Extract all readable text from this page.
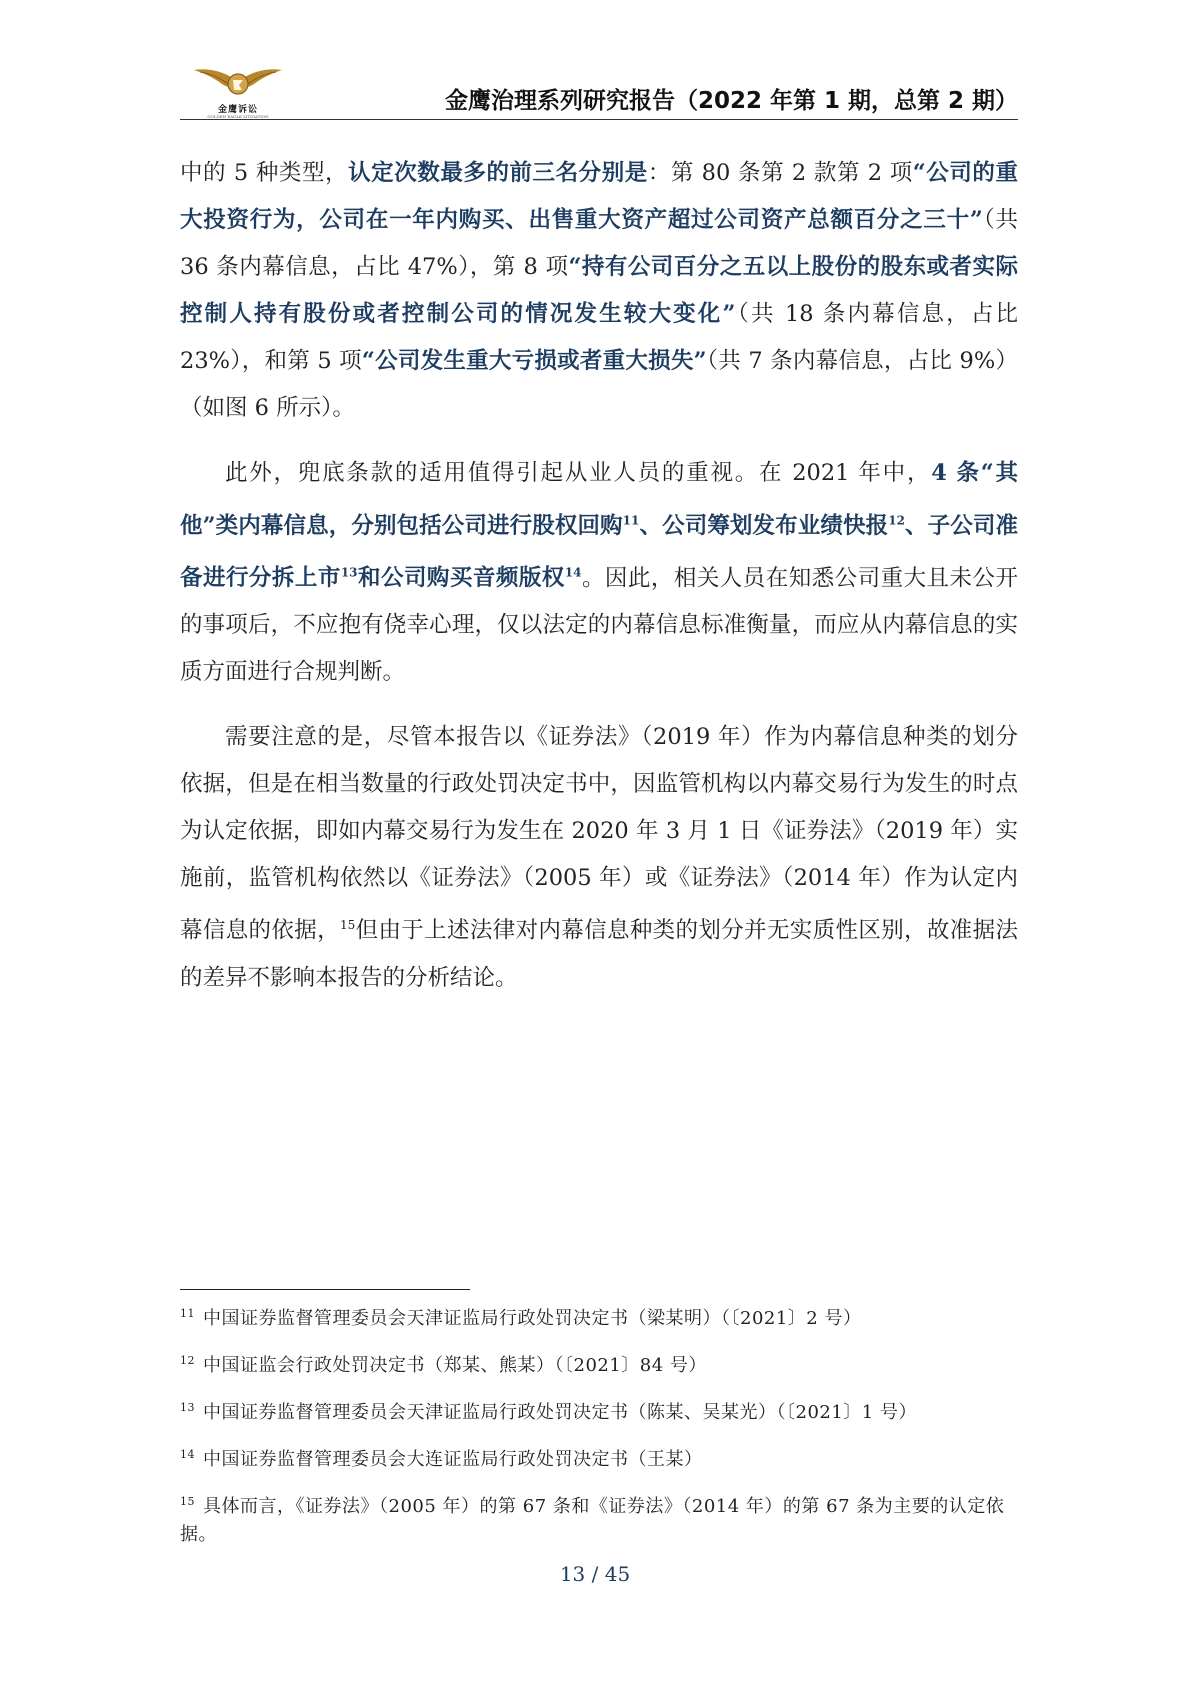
金鹰诉讼
GOLDEN EAGLE LITIGATION
金鹰治理系列研究报告（2022 年第 1 期，总第 2 期）

中的 5 种类型，认定次数最多的前三名分别是：第 80 条第 2 款第 2 项“公司的重大投资行为，公司在一年内购买、出售重大资产超过公司资产总额百分之三十”（共 36 条内幕信息，占比 47%），第 8 项“持有公司百分之五以上股份的股东或者实际控制人持有股份或者控制公司的情况发生较大变化”（共 18 条内幕信息，占比 23%），和第 5 项“公司发生重大亏损或者重大损失”（共 7 条内幕信息，占比 9%）（如图 6 所示）。

此外，兜底条款的适用值得引起从业人员的重视。在 2021 年中，4 条“其他”类内幕信息，分别包括公司进行股权回购$^{11}$、公司筹划发布业绩快报$^{12}$、子公司准备进行分拆上市$^{13}$和公司购买音频版权$^{14}$。因此，相关人员在知悉公司重大且未公开的事项后，不应抱有侥幸心理，仅以法定的内幕信息标准衡量，而应从内幕信息的实质方面进行合规判断。

需要注意的是，尽管本报告以《证券法》（2019 年）作为内幕信息种类的划分依据，但是在相当数量的行政处罚决定书中，因监管机构以内幕交易行为发生的时点为认定依据，即如内幕交易行为发生在 2020 年 3 月 1 日《证券法》（2019 年）实施前，监管机构依然以《证券法》（2005 年）或《证券法》（2014 年）作为认定内幕信息的依据，$^{15}$但由于上述法律对内幕信息种类的划分并无实质性区别，故准据法的差异不影响本报告的分析结论。

$^{11}$ 中国证券监督管理委员会天津证监局行政处罚决定书（梁某明）（〔2021〕2 号）

$^{12}$ 中国证监会行政处罚决定书（郑某、熊某）（〔2021〕84 号）

$^{13}$ 中国证券监督管理委员会天津证监局行政处罚决定书（陈某、吴某光）（〔2021〕1 号）

$^{14}$ 中国证券监督管理委员会大连证监局行政处罚决定书（王某）

$^{15}$ 具体而言，《证券法》（2005 年）的第 67 条和《证券法》（2014 年）的第 67 条为主要的认定依据。

13 / 45
